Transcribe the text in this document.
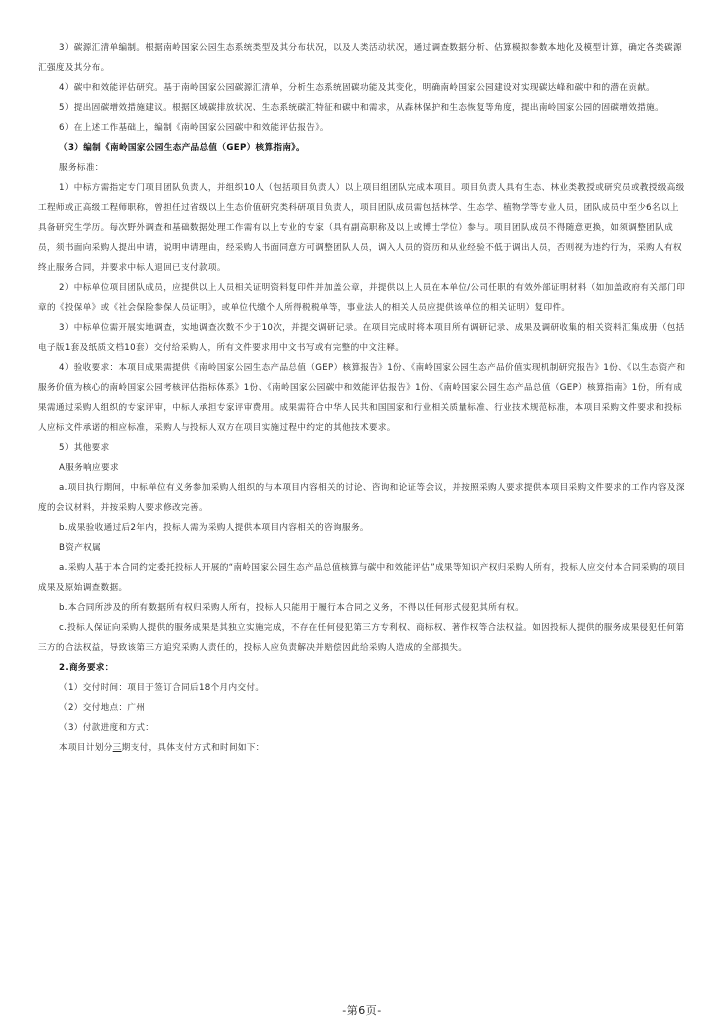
3）碳源汇清单编制。根据南岭国家公园生态系统类型及其分布状况，以及人类活动状况，通过调查数据分析、估算模拟参数本地化及模型计算，确定各类碳源汇强度及其分布。

4）碳中和效能评估研究。基于南岭国家公园碳源汇清单，分析生态系统固碳功能及其变化，明确南岭国家公园建设对实现碳达峰和碳中和的潜在贡献。

5）提出固碳增效措施建议。根据区域碳排放状况、生态系统碳汇特征和碳中和需求，从森林保护和生态恢复等角度，提出南岭国家公园的固碳增效措施。

6）在上述工作基础上，编制《南岭国家公园碳中和效能评估报告》。

（3）编制《南岭国家公园生态产品总值（GEP）核算指南》。

服务标准：

1）中标方需指定专门项目团队负责人，并组织10人（包括项目负责人）以上项目组团队完成本项目。项目负责人具有生态、林业类教授或研究员或教授级高级工程师或正高级工程师职称，曾担任过省级以上生态价值研究类科研项目负责人，项目团队成员需包括林学、生态学、植物学等专业人员，团队成员中至少6名以上具备研究生学历。每次野外调查和基础数据处理工作需有以上专业的专家（具有副高职称及以上或博士学位）参与。项目团队成员不得随意更换，如须调整团队成员，须书面向采购人提出申请，说明申请理由，经采购人书面同意方可调整团队人员，调入人员的资历和从业经验不低于调出人员，否则视为违约行为，采购人有权终止服务合同，并要求中标人退回已支付款项。

2）中标单位项目团队成员，应提供以上人员相关证明资料复印件并加盖公章，并提供以上人员在本单位/公司任职的有效外部证明材料（如加盖政府有关部门印章的《投保单》或《社会保险参保人员证明》，或单位代缴个人所得税税单等，事业法人的相关人员应提供该单位的相关证明）复印件。

3）中标单位需开展实地调查，实地调查次数不少于10次，并提交调研记录。在项目完成时将本项目所有调研记录、成果及调研收集的相关资料汇集成册（包括电子版1套及纸质文档10套）交付给采购人，所有文件要求用中文书写或有完整的中文注释。

4）验收要求：本项目成果需提供《南岭国家公园生态产品总值（GEP）核算报告》1份、《南岭国家公园生态产品价值实现机制研究报告》1份、《以生态资产和服务价值为核心的南岭国家公园考核评估指标体系》1份、《南岭国家公园碳中和效能评估报告》1份、《南岭国家公园生态产品总值（GEP）核算指南》1份，所有成果需通过采购人组织的专家评审，中标人承担专家评审费用。成果需符合中华人民共和国国家和行业相关质量标准、行业技术规范标准，本项目采购文件要求和投标人应标文件承诺的相应标准，采购人与投标人双方在项目实施过程中约定的其他技术要求。

5）其他要求

A服务响应要求

a.项目执行期间，中标单位有义务参加采购人组织的与本项目内容相关的讨论、咨询和论证等会议，并按照采购人要求提供本项目采购文件要求的工作内容及深度的会议材料，并按采购人要求修改完善。

b.成果验收通过后2年内，投标人需为采购人提供本项目内容相关的咨询服务。

B资产权属

a.采购人基于本合同约定委托投标人开展的“南岭国家公园生态产品总值核算与碳中和效能评估”成果等知识产权归采购人所有，投标人应交付本合同采购的项目成果及原始调查数据。

b.本合同所涉及的所有数据所有权归采购人所有，投标人只能用于履行本合同之义务，不得以任何形式侵犯其所有权。

c.投标人保证向采购人提供的服务成果是其独立实施完成，不存在任何侵犯第三方专利权、商标权、著作权等合法权益。如因投标人提供的服务成果侵犯任何第三方的合法权益，导致该第三方追究采购人责任的，投标人应负责解决并赔偿因此给采购人造成的全部损失。

2.商务要求：

（1）交付时间：项目于签订合同后18个月内交付。

（2）交付地点：广州

（3）付款进度和方式：

本项目计划分三期支付，具体支付方式和时间如下：

-第6页-
